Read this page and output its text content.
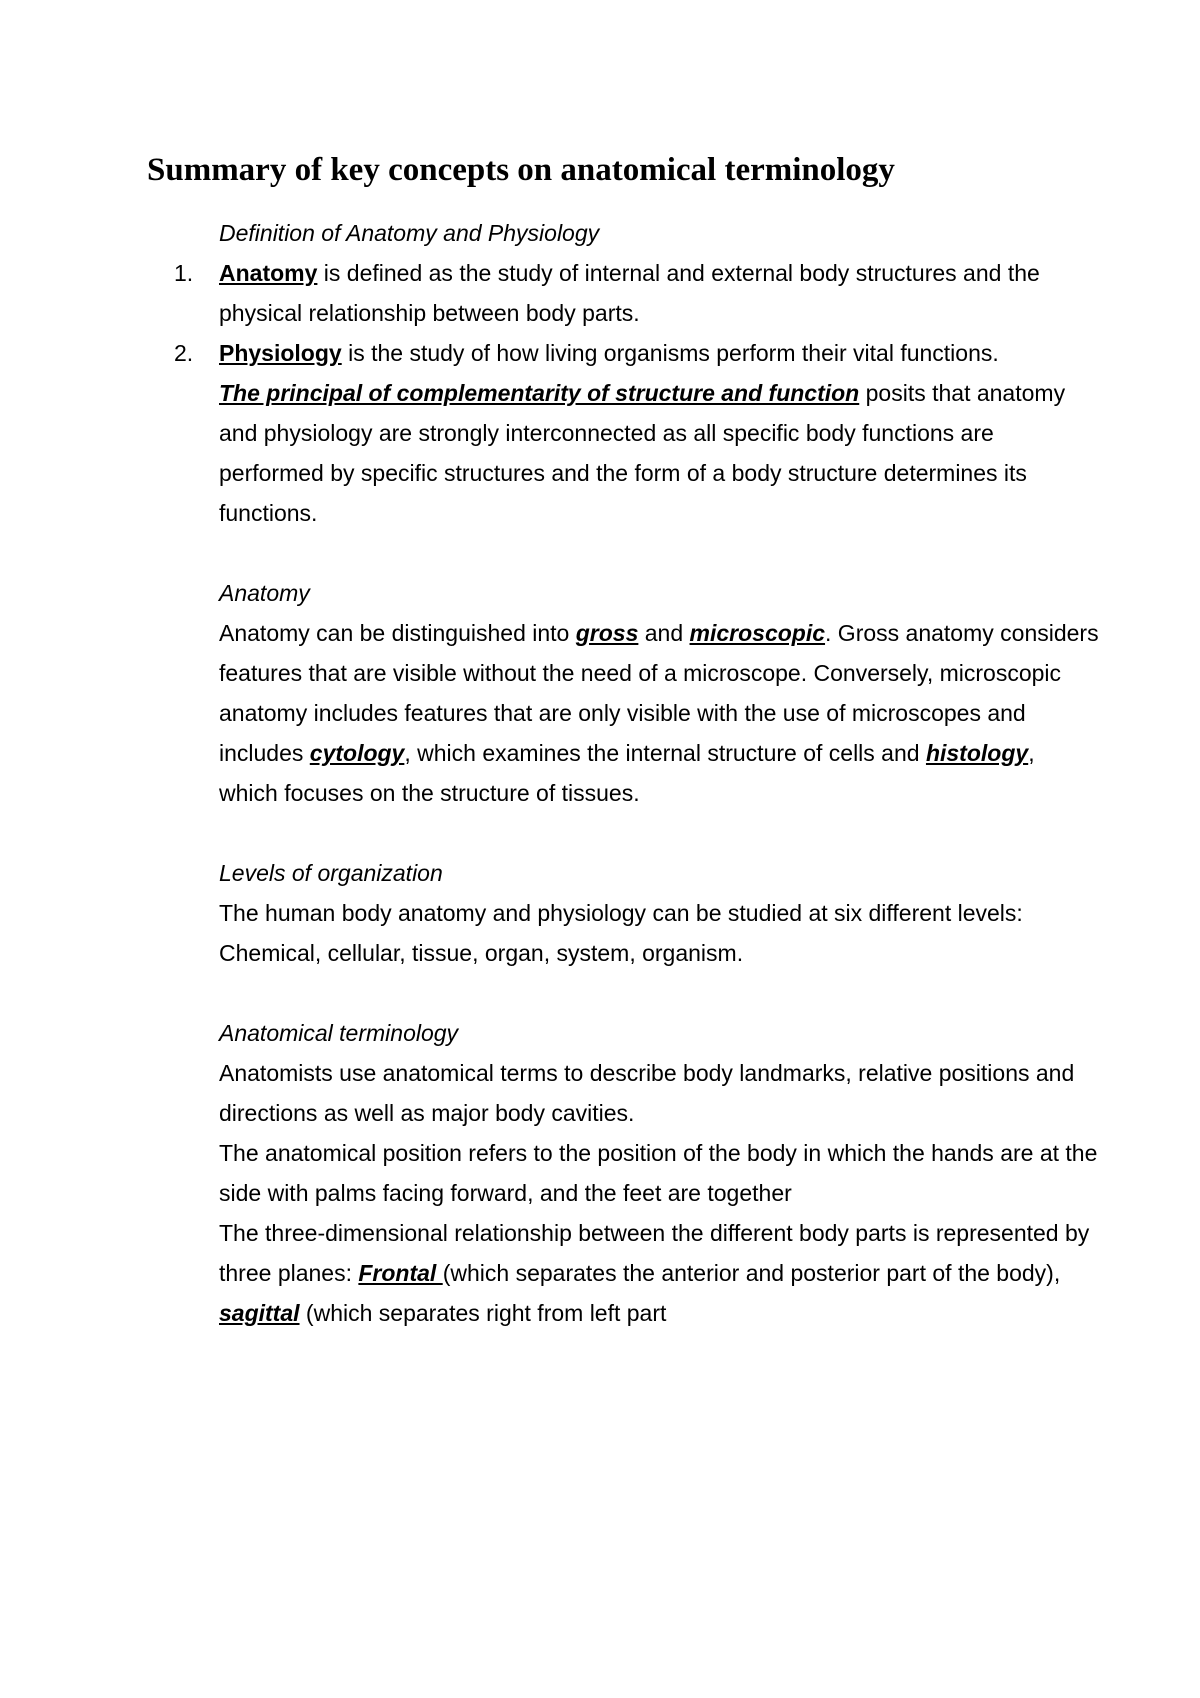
Summary of key concepts on anatomical terminology

Definition of Anatomy and Physiology

1. Anatomy is defined as the study of internal and external body structures and the physical relationship between body parts.
2. Physiology is the study of how living organisms perform their vital functions.

The principal of complementarity of structure and function posits that anatomy and physiology are strongly interconnected as all specific body functions are performed by specific structures and the form of a body structure determines its functions.

Anatomy

Anatomy can be distinguished into gross and microscopic. Gross anatomy considers features that are visible without the need of a microscope. Conversely, microscopic anatomy includes features that are only visible with the use of microscopes and includes cytology, which examines the internal structure of cells and histology, which focuses on the structure of tissues.

Levels of organization

The human body anatomy and physiology can be studied at six different levels:

Chemical, cellular, tissue, organ, system, organism.

Anatomical terminology

Anatomists use anatomical terms to describe body landmarks, relative positions and directions as well as major body cavities.

The anatomical position refers to the position of the body in which the hands are at the side with palms facing forward, and the feet are together

The three-dimensional relationship between the different body parts is represented by three planes: Frontal (which separates the anterior and posterior part of the body), sagittal (which separates right from left part
